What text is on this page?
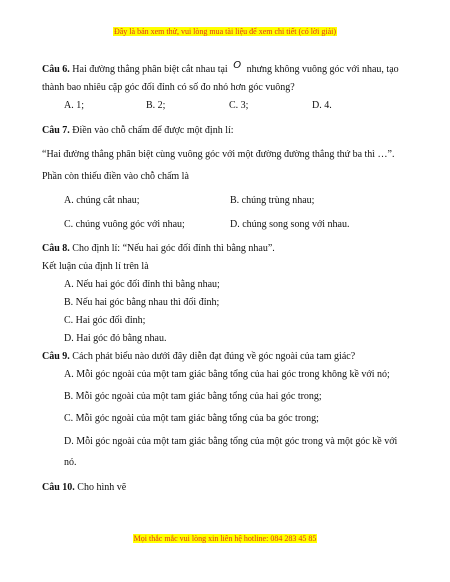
Đây là bản xem thử, vui lòng mua tài liệu để xem chi tiết (có lời giải)
Câu 6. Hai đường thẳng phân biệt cắt nhau tại O nhưng không vuông góc với nhau, tạo
thành bao nhiêu cặp góc đối đỉnh có số đo nhỏ hơn góc vuông?
A. 1;	B. 2;	C. 3;	D. 4.
Câu 7. Điền vào chỗ chấm để được một định lí:
“Hai đường thẳng phân biệt cùng vuông góc với một đường đường thẳng thứ ba thì …”.
Phần còn thiếu điền vào chỗ chấm là
A. chúng cắt nhau;	B. chúng trùng nhau;
C. chúng vuông góc với nhau;	D. chúng song song với nhau.
Câu 8. Cho định lí: “Nếu hai góc đối đỉnh thì bằng nhau”.
Kết luận của định lí trên là
A. Nếu hai góc đối đỉnh thì bằng nhau;
B. Nếu hai góc bằng nhau thì đối đỉnh;
C. Hai góc đối đỉnh;
D. Hai góc đó bằng nhau.
Câu 9. Cách phát biểu nào dưới đây diễn đạt đúng về góc ngoài của tam giác?
A. Mỗi góc ngoài của một tam giác bằng tổng của hai góc trong không kề với nó;
B. Mỗi góc ngoài của một tam giác bằng tổng của hai góc trong;
C. Mỗi góc ngoài của một tam giác bằng tổng của ba góc trong;
D. Mỗi góc ngoài của một tam giác bằng tổng của một góc trong và một góc kề với
nó.
Câu 10. Cho hình vẽ
Mọi thắc mắc vui lòng xin liên hệ hotline: 084 283 45 85
